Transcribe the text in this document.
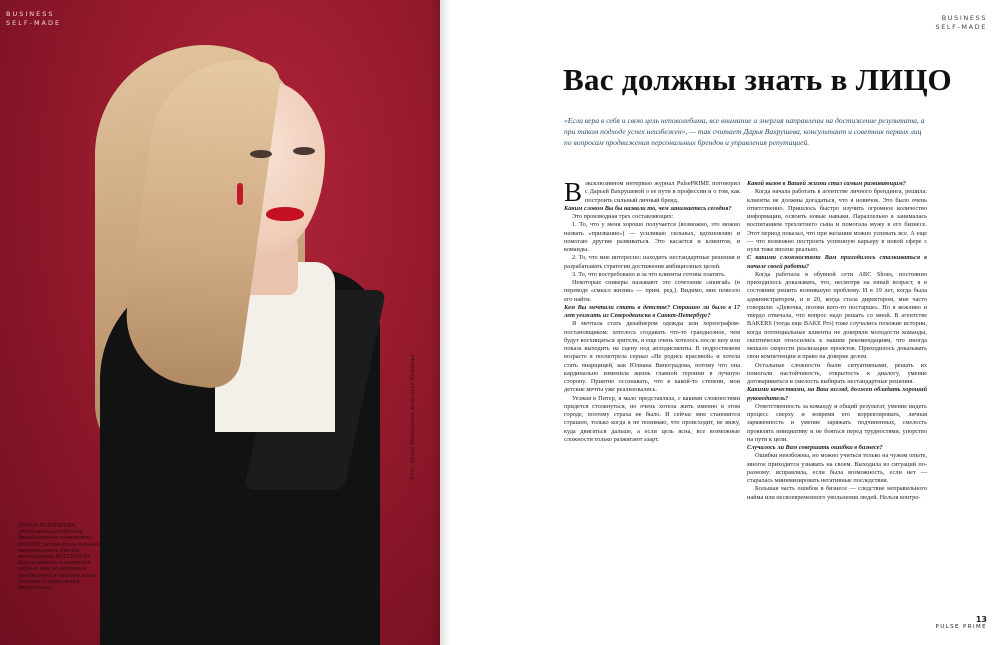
BUSINESS
SELF-MADE
ДАРЬЯ ВАХРУШЕВА, управляющий партнер брендингового агентства BAKERS, основатель сервиса персонального бренда менеджеров BUTLERS.RS. Консультант и советник первых лиц по вопросам продвижения персональных брендов и управления репутацией.
Фото: Ирина Зверщикова, Анастасия Федорова
BUSINESS
SELF-MADE
Вас должны знать в ЛИЦО
«Если вера в себя и свою цель непоколебима, все внимание и энергия направлены на достижение результата, а при таком подходе успех неизбежен», — так считает Дарья Вахрушева, консультант и советник первых лиц по вопросам продвижения персональных брендов и управления репутацией.
В эксклюзивном интервью журнал PulsePRIME поговорил с Дарьей Вахрушевой о ее пути в профессии и о том, как построить сильный личный бренд.

Каким словом Вы бы назвали то, чем занимаетесь сегодня?

Это производная трех составляющих:

1. То, что у меня хорошо получается (возможно, это можно назвать «призвание») — усиливаю сильных, вдохновляю и помогаю другим развиваться. Это касается и клиентов, и команды.

2. То, что мне интересно: находить нестандартные решения и разрабатывать стратегии достижения амбициозных целей.

3. То, что востребовано и за что клиенты готовы платить.

Некоторые спикеры называют это сочетание «икигай» (в переводе «смысл жизни» — прим. ред.). Видимо, мне повезло его найти.

Кем Вы мечтали стать в детстве? Страшно ли было в 17 лет уезжать из Северодвинска в Санкт-Петербург?

Я мечтала стать дизайнером одежды или хореографом-постановщиком: хотелось создавать что-то грандиозное, чем будут восхищаться зрители, и еще очень хотелось после шоу или показа выходить на сцену под аплодисменты. В подростковом возрасте я посмотрела сериал «Не родись красивой» и хотела стать пиарщицей, как Юлиана Виноградова, потому что она кардинально изменила жизнь главной героини в лучшую сторону. Приятно осознавать, что в какой-то степени, мои детские мечты уже реализовались.

Уезжая в Питер, я мало представляла, с какими сложностями придется столкнуться, но очень хотела жить именно в этом городе, поэтому страха не было. И сейчас мне становится страшно, только когда я не понимаю, что происходит, не вижу, куда двигаться дальше, а если цель ясна, все возможные сложности только разжигают азарт.

Какой вызов в Вашей жизни стал самым развивающим?

Когда начала работать в агентстве личного брендинга, решила: клиенты не должны догадаться, что я новичок. Это было очень ответственно. Пришлось быстро изучить огромное количество информации, освоить новые навыки. Параллельно я занималась воспитанием трехлетнего сына и помогала мужу в его бизнесе. Этот период показал, что при желании можно успевать все. А еще — что возможно построить успешную карьеру в новой сфере с нуля тоже вполне реально.

С какими сложностями Вам приходилось сталкиваться в начале своей работы?

Когда работала в обувной сети ABC Shoes, постоянно приходилось доказывать, что, несмотря на юный возраст, я в состоянии решить возникшую проблему. И в 19 лет, когда была администратором, и в 20, когда стала директором, мне часто говорили: «Девочка, позови кого-то постарше». Но я вежливо и твердо отвечала, что вопрос надо решать со мной. В агентстве BAKERS (тогда еще BAKE Pro) тоже случались похожие истории, когда потенциальные клиенты не доверяли молодости команды, скептически относились к нашим рекомендациям, что иногда мешало скорости реализации проектов. Приходилось доказывать свои компетенции и право на доверие делом.

Остальные сложности были ситуативными, решать их помогали настойчивость, открытость к диалогу, умение договариваться и смелость выбирать нестандартные решения.

Какими качествами, на Ваш взгляд, должен обладать хороший руководитель?

Ответственность за команду и общий результат, умение видеть процесс сверху и вовремя его корректировать, личная заряженность и умение заряжать подчиненных, смелость проявлять инициативу и не бояться перед трудностями, упорство на пути к цели.

Случалось ли Вам совершать ошибки в бизнесе?

Ошибки неизбежны, но можно учиться только на чужом опыте, многое приходится узнавать на своем. Выходила из ситуаций по-разному: исправляла, если была возможность, если нет — старалась минимизировать негативные последствия.

Большая часть ошибок в бизнесе — следствие неправильного найма или несвоевременного увольнения людей. Нельзя контро-

13
PULSE PRIME
